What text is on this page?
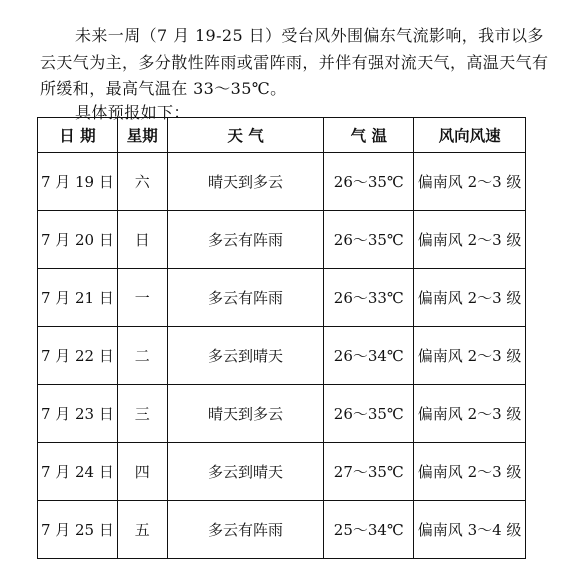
未来一周（7 月 19-25 日）受台风外围偏东气流影响，我市以多云天气为主，多分散性阵雨或雷阵雨，并伴有强对流天气，高温天气有所缓和，最高气温在 33～35℃。

具体预报如下：

日 期	星期	天 气	气 温	风向风速
7 月 19 日	六	晴天到多云	26～35℃	偏南风 2～3 级
7 月 20 日	日	多云有阵雨	26～35℃	偏南风 2～3 级
7 月 21 日	一	多云有阵雨	26～33℃	偏南风 2～3 级
7 月 22 日	二	多云到晴天	26～34℃	偏南风 2～3 级
7 月 23 日	三	晴天到多云	26～35℃	偏南风 2～3 级
7 月 24 日	四	多云到晴天	27～35℃	偏南风 2～3 级
7 月 25 日	五	多云有阵雨	25～34℃	偏南风 3～4 级
